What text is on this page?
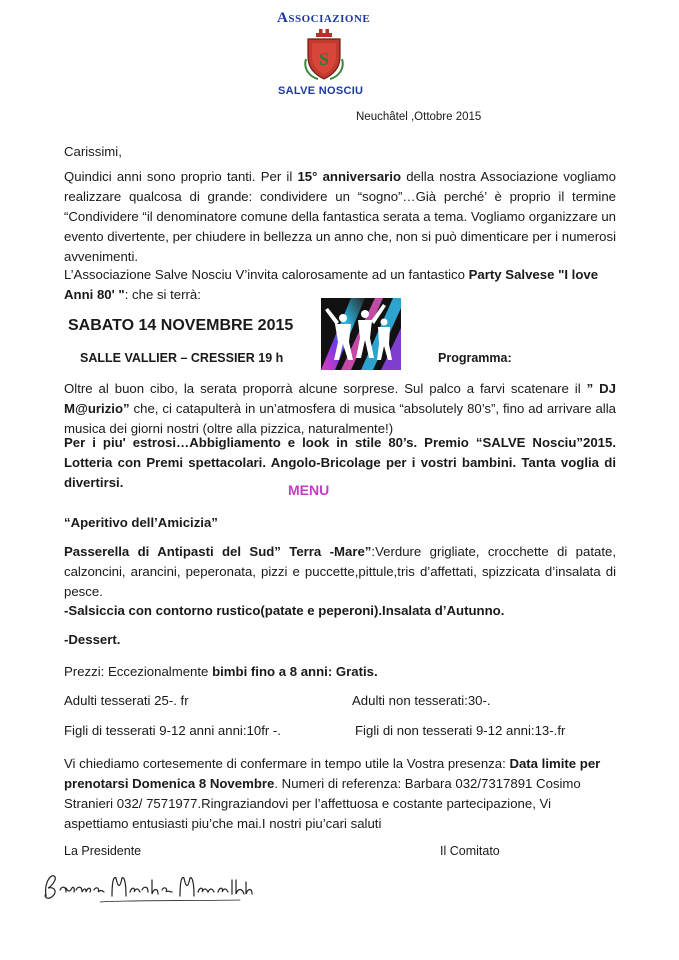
Associazione
S
SALVE NOSCIU
Neuchâtel ,Ottobre 2015
Carissimi,
Quindici anni sono proprio tanti. Per il 15° anniversario della nostra Associazione vogliamo realizzare qualcosa di grande: condividere un “sogno”…Già perché’ è proprio il termine “Condividere “il denominatore comune della fantastica serata a tema. Vogliamo organizzare un evento divertente, per chiudere in bellezza un anno che, non si può dimenticare per i numerosi avvenimenti.
L’Associazione Salve Nosciu V’invita calorosamente ad un fantastico Party Salvese "I love Anni 80' ": che si terrà:
SABATO 14 NOVEMBRE 2015
SALLE VALLIER – CRESSIER 19 h	Programma:
Oltre al buon cibo, la serata proporrà alcune sorprese. Sul palco a farvi scatenare il ” DJ M@urizio” che, ci catapulterà in un’atmosfera di musica “absolutely 80’s”, fino ad arrivare alla musica dei giorni nostri (oltre alla pizzica, naturalmente!)
Per i piu' estrosi…Abbigliamento e look in stile 80’s. Premio “SALVE Nosciu”2015. Lotteria con Premi spettacolari. Angolo-Bricolage per i vostri bambini. Tanta voglia di divertirsi.	MENU
“Aperitivo dell’Amicizia”
Passerella di Antipasti del Sud” Terra -Mare”:Verdure grigliate, crocchette di patate, calzoncini, arancini, peperonata, pizzi e puccette,pittule,tris d’affettati, spizzicata d’insalata di pesce.
-Salsiccia con contorno rustico(patate e peperoni).Insalata d’Autunno.
-Dessert.
Prezzi: Eccezionalmente bimbi fino a 8 anni: Gratis.
Adulti tesserati 25-. fr	Adulti non tesserati:30-.
Figli di tesserati 9-12 anni anni:10fr -.	Figli di non tesserati 9-12 anni:13-.fr
Vi chiediamo cortesemente di confermare in tempo utile la Vostra presenza: Data limite per prenotarsi Domenica 8 Novembre. Numeri di referenza: Barbara 032/7317891 Cosimo Stranieri 032/ 7571977.Ringraziandovi per l’affettuosa e costante partecipazione, Vi aspettiamo entusiasti piu’che mai.I nostri piu’cari saluti
La Presidente	Il Comitato
